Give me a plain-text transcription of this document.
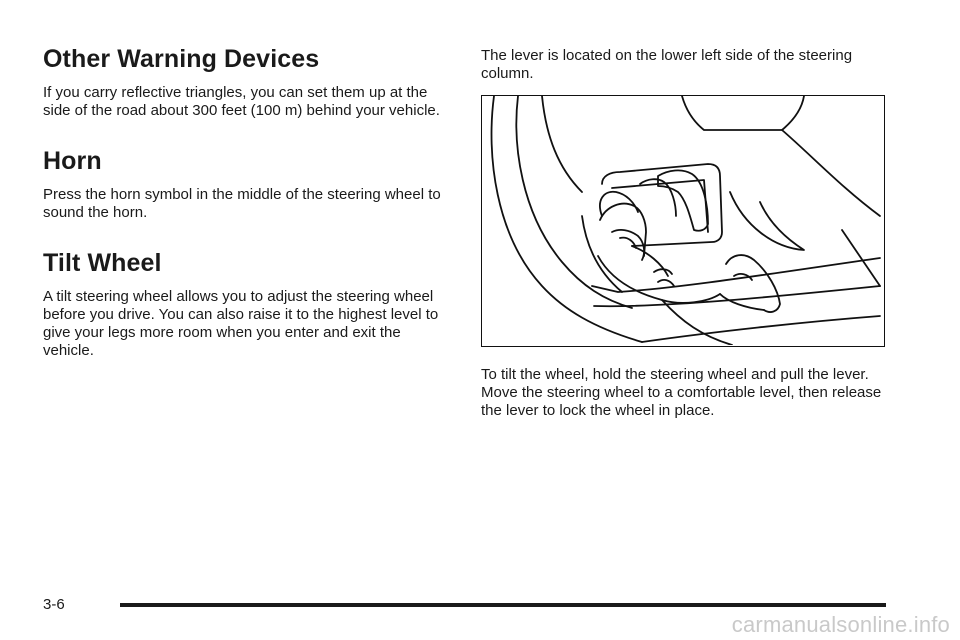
Other Warning Devices

If you carry reflective triangles, you can set them up at the side of the road about 300 feet (100 m) behind your vehicle.

Horn

Press the horn symbol in the middle of the steering wheel to sound the horn.

Tilt Wheel

A tilt steering wheel allows you to adjust the steering wheel before you drive. You can also raise it to the highest level to give your legs more room when you enter and exit the vehicle.

The lever is located on the lower left side of the steering column.

To tilt the wheel, hold the steering wheel and pull the lever. Move the steering wheel to a comfortable level, then release the lever to lock the wheel in place.

3-6
carmanualsonline.info
